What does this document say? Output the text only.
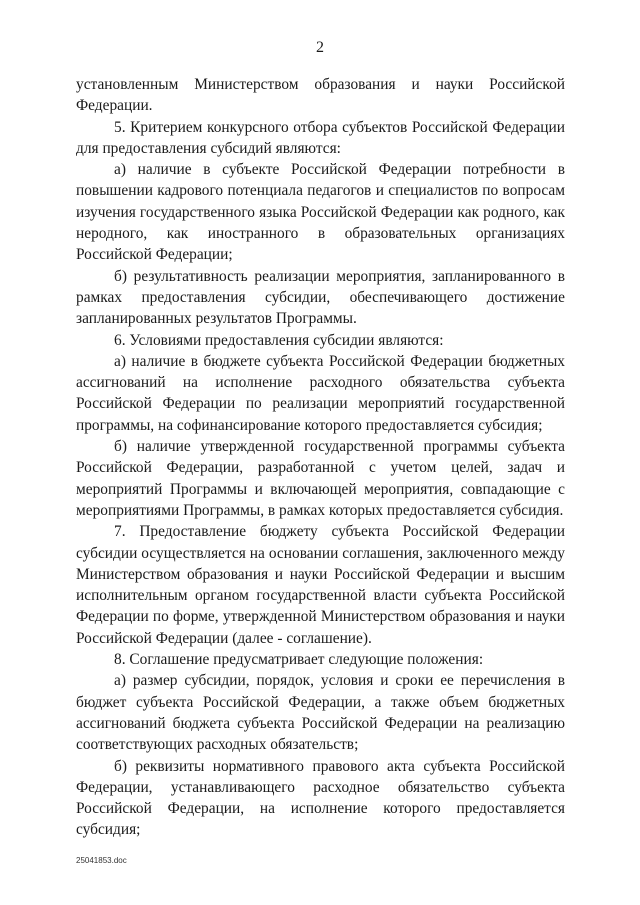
2

установленным Министерством образования и науки Российской Федерации.

5. Критерием конкурсного отбора субъектов Российской Федерации для предоставления субсидий являются:

а) наличие в субъекте Российской Федерации потребности в повышении кадрового потенциала педагогов и специалистов по вопросам изучения государственного языка Российской Федерации как родного, как неродного, как иностранного в образовательных организациях Российской Федерации;

б) результативность реализации мероприятия, запланированного в рамках предоставления субсидии, обеспечивающего достижение запланированных результатов Программы.

6. Условиями предоставления субсидии являются:

а) наличие в бюджете субъекта Российской Федерации бюджетных ассигнований на исполнение расходного обязательства субъекта Российской Федерации по реализации мероприятий государственной программы, на софинансирование которого предоставляется субсидия;

б) наличие утвержденной государственной программы субъекта Российской Федерации, разработанной с учетом целей, задач и мероприятий Программы и включающей мероприятия, совпадающие с мероприятиями Программы, в рамках которых предоставляется субсидия.

7. Предоставление бюджету субъекта Российской Федерации субсидии осуществляется на основании соглашения, заключенного между Министерством образования и науки Российской Федерации и высшим исполнительным органом государственной власти субъекта Российской Федерации по форме, утвержденной Министерством образования и науки Российской Федерации (далее - соглашение).

8. Соглашение предусматривает следующие положения:

а) размер субсидии, порядок, условия и сроки ее перечисления в бюджет субъекта Российской Федерации, а также объем бюджетных ассигнований бюджета субъекта Российской Федерации на реализацию соответствующих расходных обязательств;

б) реквизиты нормативного правового акта субъекта Российской Федерации, устанавливающего расходное обязательство субъекта Российской Федерации, на исполнение которого предоставляется субсидия;

25041853.doc
